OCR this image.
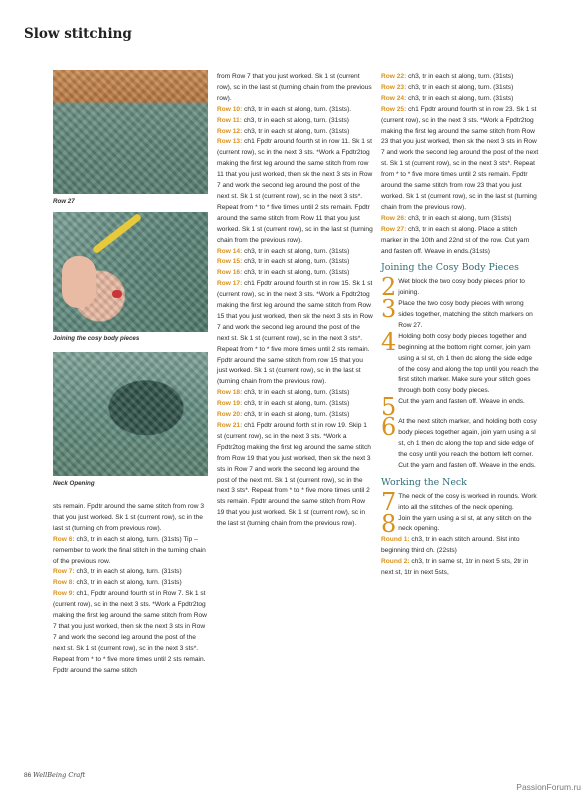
Slow stitching
Row 27
Joining the cosy body pieces
Neck Opening

sts remain. Fpdtr around the same stitch from row 3 that you just worked. Sk 1 st (current row), sc in the last st (turning ch from previous row).

Row 6: ch3, tr in each st along, turn. (31sts) Tip – remember to work the final stitch in the turning chain of the previous row.

Row 7: ch3, tr in each st along, turn. (31sts)

Row 8: ch3, tr in each st along, turn. (31sts)

Row 9: ch1, Fpdtr around fourth st in Row 7. Sk 1 st (current row), sc in the next 3 sts. *Work a Fpdtr2tog making the first leg around the same stitch from Row 7 that you just worked, then sk the next 3 sts in Row 7 and work the second leg around the post of the next st. Sk 1 st (current row), sc in the next 3 sts*. Repeat from * to * five more times until 2 sts remain. Fpdtr around the same stitch

from Row 7 that you just worked. Sk 1 st (current row), sc in the last st (turning chain from the previous row).

Row 10: ch3, tr in each st along, turn. (31sts).

Row 11: ch3, tr in each st along, turn. (31sts)

Row 12: ch3, tr in each st along, turn. (31sts)

Row 13: ch1 Fpdtr around fourth st in row 11. Sk 1 st (current row), sc in the next 3 sts. *Work a Fpdtr2tog making the first leg around the same stitch from row 11 that you just worked, then sk the next 3 sts in Row 7 and work the second leg around the post of the next st. Sk 1 st (current row), sc in the next 3 sts*. Repeat from * to * five times until 2 sts remain. Fpdtr around the same stitch from Row 11 that you just worked. Sk 1 st (current row), sc in the last st (turning chain from the previous row).

Row 14: ch3, tr in each st along, turn. (31sts)

Row 15: ch3, tr in each st along, turn. (31sts)

Row 16: ch3, tr in each st along, turn. (31sts)

Row 17: ch1 Fpdtr around fourth st in row 15. Sk 1 st (current row), sc in the next 3 sts. *Work a Fpdtr2tog making the first leg around the same stitch from Row 15 that you just worked, then sk the next 3 sts in Row 7 and work the second leg around the post of the next st. Sk 1 st (current row), sc in the next 3 sts*. Repeat from * to * five more times until 2 sts remain. Fpdtr around the same stitch from row 15 that you just worked. Sk 1 st (current row), sc in the last st (turning chain from the previous row).

Row 18: ch3, tr in each st along, turn. (31sts)

Row 19: ch3, tr in each st along, turn. (31sts)

Row 20: ch3, tr in each st along, turn. (31sts)

Row 21: ch1 Fpdtr around forth st in row 19. Skip 1 st (current row), sc in the next 3 sts. *Work a Fpdtr2tog making the first leg around the same stitch from Row 19 that you just worked, then sk the next 3 sts in Row 7 and work the second leg around the post of the next mt. Sk 1 st (current row), sc in the next 3 sts*. Repeat from * to * five more times until 2 sts remain. Fpdtr around the same stitch from Row 19 that you just worked. Sk 1 st (current row), sc in the last st (turning chain from the previous row).

Row 22: ch3, tr in each st along, turn. (31sts)

Row 23: ch3, tr in each st along, turn. (31sts)

Row 24: ch3, tr in each st along, turn. (31sts)

Row 25: ch1 Fpdtr around fourth st in row 23. Sk 1 st (current row), sc in the next 3 sts. *Work a Fpdtr2tog making the first leg around the same stitch from Row 23 that you just worked, then sk the next 3 sts in Row 7 and work the second leg around the post of the next st. Sk 1 st (current row), sc in the next 3 sts*. Repeat from * to * five more times until 2 sts remain. Fpdtr around the same stitch from row 23 that you just worked. Sk 1 st (current row), sc in the last st (turning chain from the previous row).

Row 26: ch3, tr in each st along, turn (31sts)

Row 27: ch3, tr in each st along. Place a stitch marker in the 10th and 22nd st of the row. Cut yarn and fasten off. Weave in ends.(31sts)

Joining the Cosy Body Pieces
2 Wet block the two cosy body pieces prior to joining.
3 Place the two cosy body pieces with wrong sides together, matching the stitch markers on Row 27.
4 Holding both cosy body pieces together and beginning at the bottom right corner, join yarn using a sl st, ch 1 then dc along the side edge of the cosy and along the top until you reach the first stitch marker. Make sure your stitch goes through both cosy body pieces.
5 Cut the yarn and fasten off. Weave in ends.
6 At the next stitch marker, and holding both cosy body pieces together again, join yarn using a sl st, ch 1 then dc along the top and side edge of the cosy until you reach the bottom left corner. Cut the yarn and fasten off. Weave in the ends.
Working the Neck
7 The neck of the cosy is worked in rounds. Work into all the stitches of the neck opening.
8 Join the yarn using a sl st, at any stitch on the neck opening.

Round 1: ch3, tr in each stitch around. Slst into beginning third ch. (22sts)

Round 2: ch3, tr in same st, 1tr in next 5 sts, 2tr in next st, 1tr in next 5sts,

86 WellBeing Craft
PassionForum.ru
